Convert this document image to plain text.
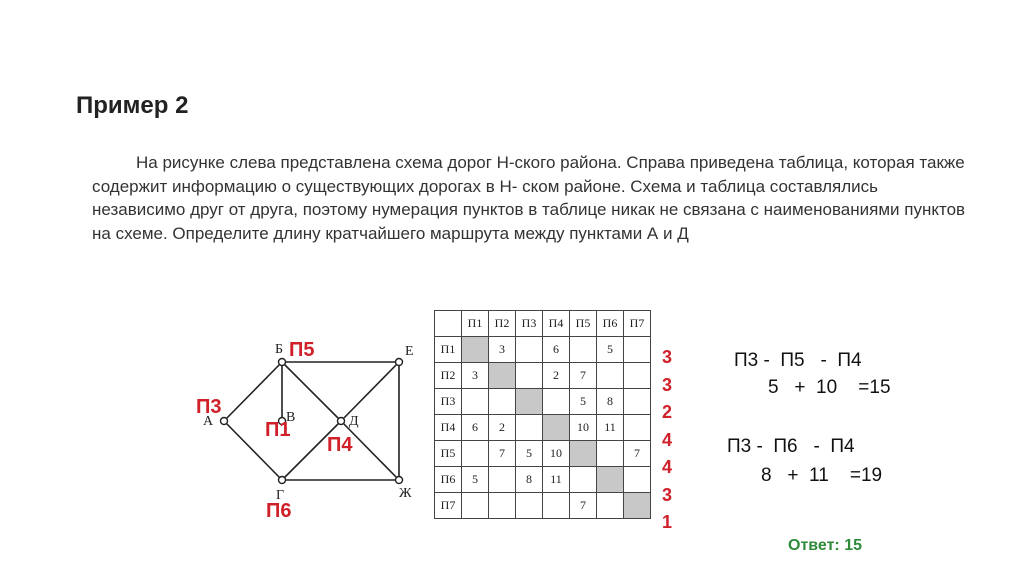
Пример 2

На рисунке слева представлена схема дорог Н-ского района. Справа приведена таблица, которая также содержит информацию о существующих дорогах в Н- ском районе. Схема и таблица составлялись независимо друг от друга, поэтому нумерация пунктов в таблице никак не связана с наименованиями пунктов на схеме. Определите длину кратчайшего маршрута между пунктами А и Д

А
Б
В
Г
Д
Е
Ж
П3
П5
П1
П4
П6
	П1	П2	П3	П4	П5	П6	П7
П1		3		6		5	
П2	3			2	7		
П3					5	8	
П4	6	2			10	11	
П5		7	5	10			7
П6	5		8	11			
П7					7		
3
3
2
4
4
3
1
П3 -  П5   -  П4
5   +  10    =15
П3 -  П6   -  П4
8   +  11    =19
Ответ: 15
